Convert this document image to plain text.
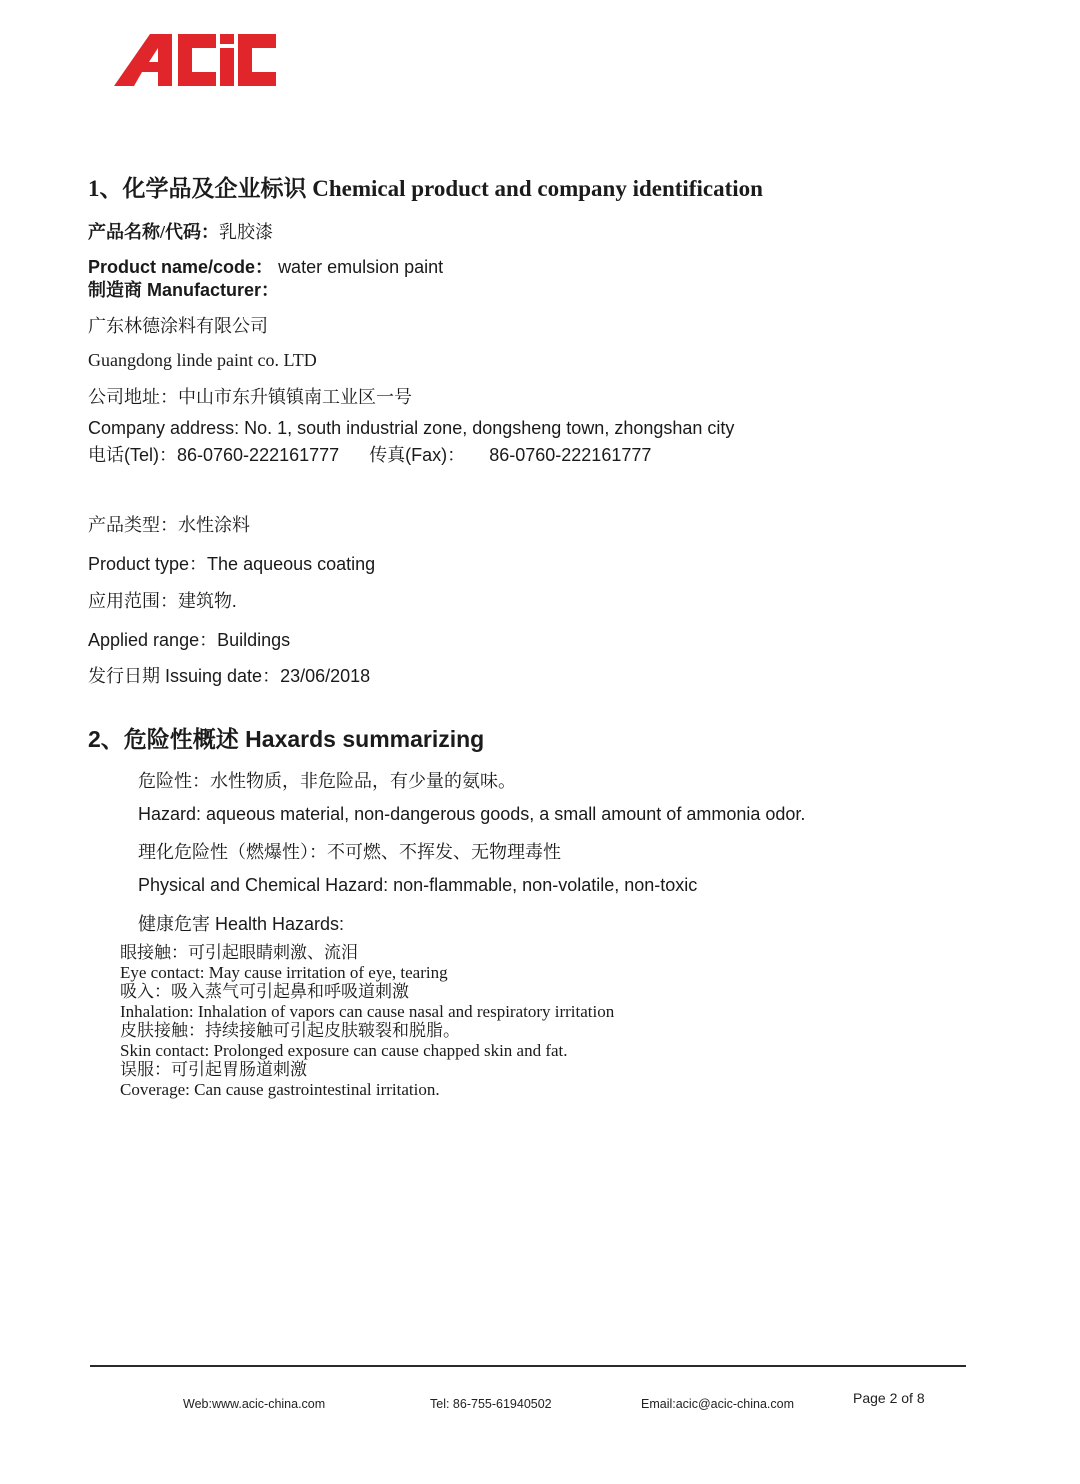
1、化学品及企业标识 Chemical product and company identification
产品名称/代码：乳胶漆
Product name/code： water emulsion paint
制造商 Manufacturer：
广东林德涂料有限公司
Guangdong linde paint co. LTD
公司地址：中山市东升镇镇南工业区一号
Company address: No. 1, south industrial zone, dongsheng town, zhongshan city
电话(Tel)：86-0760-222161777 传真(Fax)： 86-0760-222161777
产品类型：水性涂料
Product type：The aqueous coating
应用范围：建筑物.
Applied range：Buildings
发行日期 Issuing date：23/06/2018
2、危险性概述 Haxards summarizing
危险性：水性物质，非危险品，有少量的氨味。
Hazard: aqueous material, non-dangerous goods, a small amount of ammonia odor.
理化危险性（燃爆性）：不可燃、不挥发、无物理毒性
Physical and Chemical Hazard: non-flammable, non-volatile, non-toxic
健康危害 Health Hazards:
眼接触：可引起眼睛刺激、流泪
Eye contact: May cause irritation of eye, tearing
吸入：吸入蒸气可引起鼻和呼吸道刺激
Inhalation: Inhalation of vapors can cause nasal and respiratory irritation
皮肤接触：持续接触可引起皮肤皲裂和脱脂。
Skin contact: Prolonged exposure can cause chapped skin and fat.
误服：可引起胃肠道刺激
Coverage: Can cause gastrointestinal irritation.
Web:www.acic-china.com	Tel: 86-755-61940502	Email:acic@acic-china.com	Page 2 of 8
